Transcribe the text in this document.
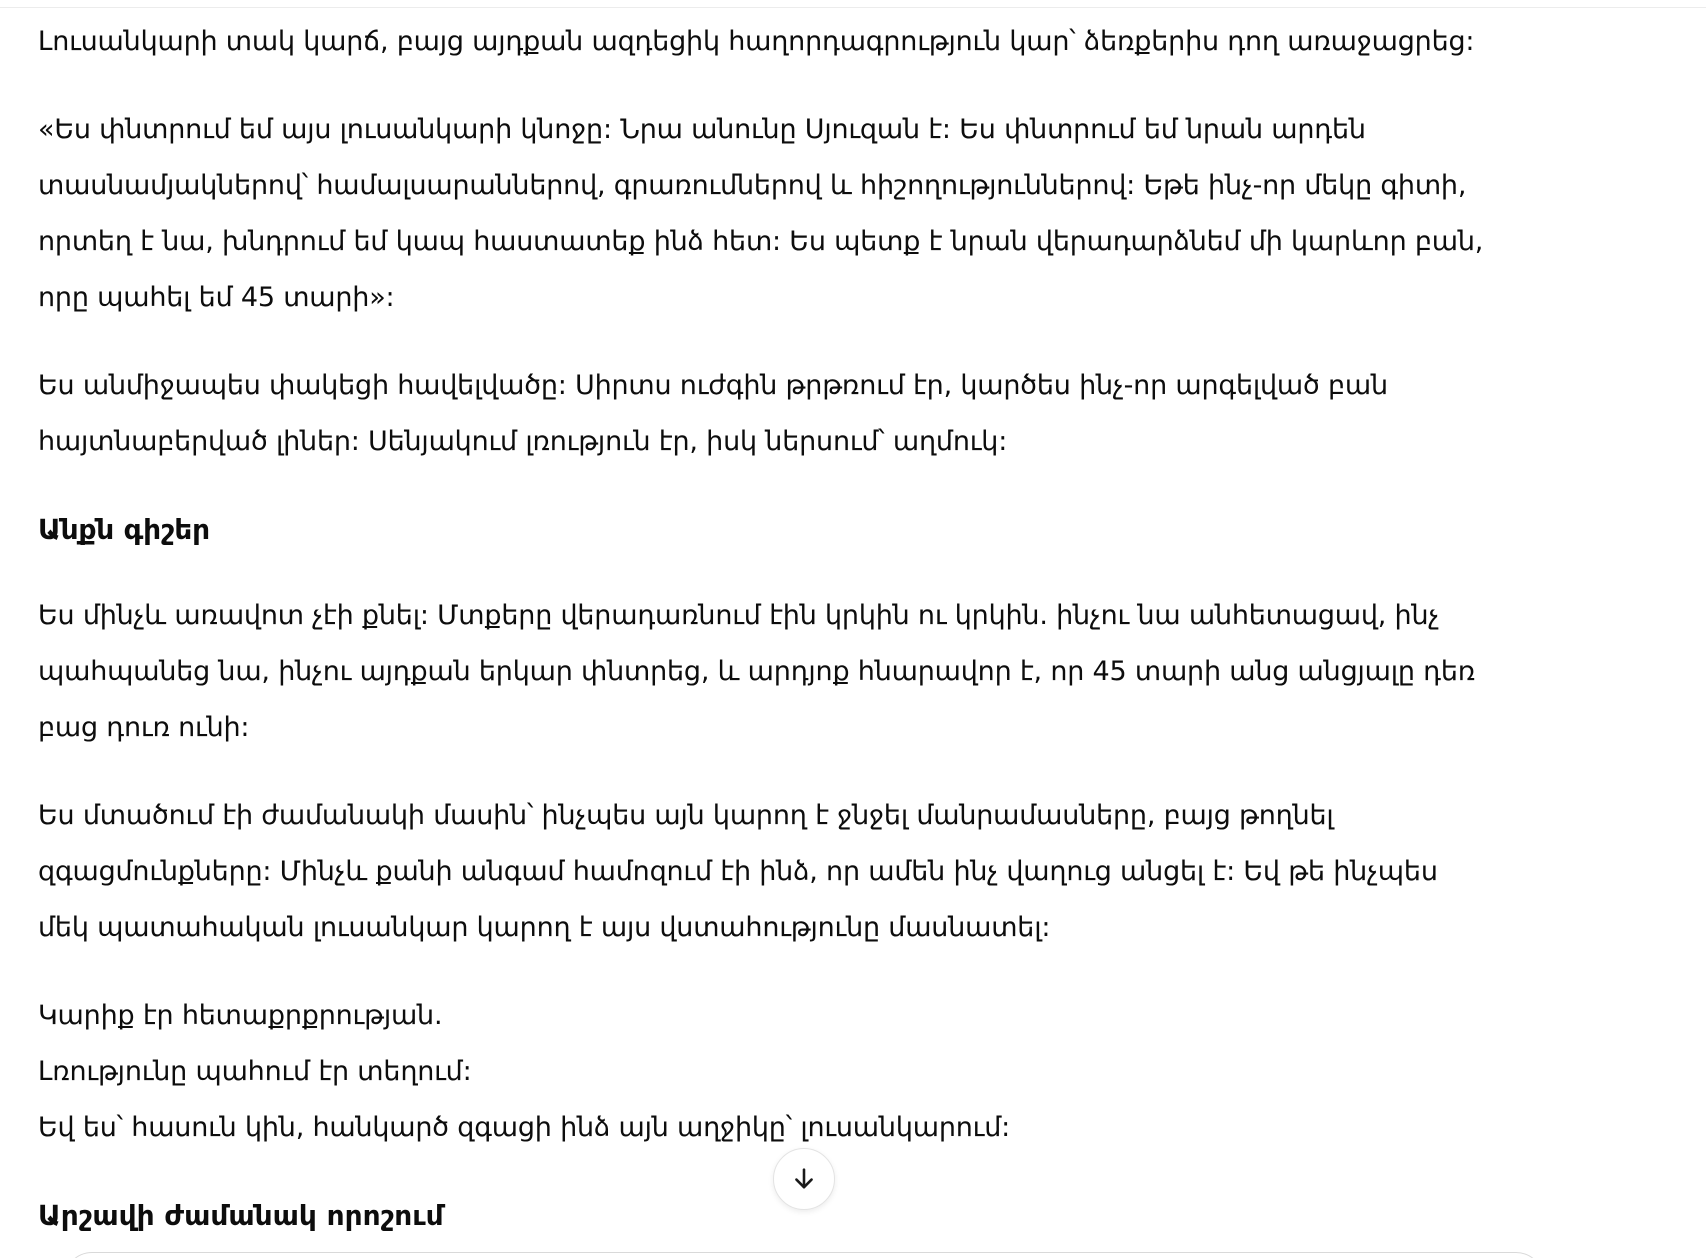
Լուսանկարի տակ կարճ, բայց այդքան ազդեցիկ հաղորդագրություն կար՝ ձեռքերիս դող առաջացրեց:

«Ես փնտրում եմ այս լուսանկարի կնոջը: Նրա անունը Սյուզան է: Ես փնտրում եմ նրան արդեն
տասնամյակներով՝ համալսարաններով, գրառումներով և հիշողություններով: Եթե ինչ-որ մեկը գիտի,
որտեղ է նա, խնդրում եմ կապ հաստատեք ինձ հետ: Ես պետք է նրան վերադարձնեմ մի կարևոր բան,
որը պահել եմ 45 տարի»:

Ես անմիջապես փակեցի հավելվածը: Սիրտս ուժգին թրթռում էր, կարծես ինչ-որ արգելված բան
հայտնաբերված լիներ: Սենյակում լռություն էր, իսկ ներսում՝ աղմուկ:

Անքն գիշեր

Ես մինչև առավոտ չէի քնել: Մտքերը վերադառնում էին կրկին ու կրկին. ինչու նա անհետացավ, ինչ
պահպանեց նա, ինչու այդքան երկար փնտրեց, և արդյոք հնարավոր է, որ 45 տարի անց անցյալը դեռ
բաց դուռ ունի:

Ես մտածում էի ժամանակի մասին՝ ինչպես այն կարող է ջնջել մանրամասները, բայց թողնել
զգացմունքները: Մինչև քանի անգամ համոզում էի ինձ, որ ամեն ինչ վաղուց անցել է: Եվ թե ինչպես
մեկ պատահական լուսանկար կարող է այս վստահությունը մասնատել:

Կարիք էր հետաքրքրության.
Լռությունը պահում էր տեղում:
Եվ ես՝ հասուն կին, հանկարծ զգացի ինձ այն աղջիկը՝ լուսանկարում:

Արշավի ժամանակ որոշում
